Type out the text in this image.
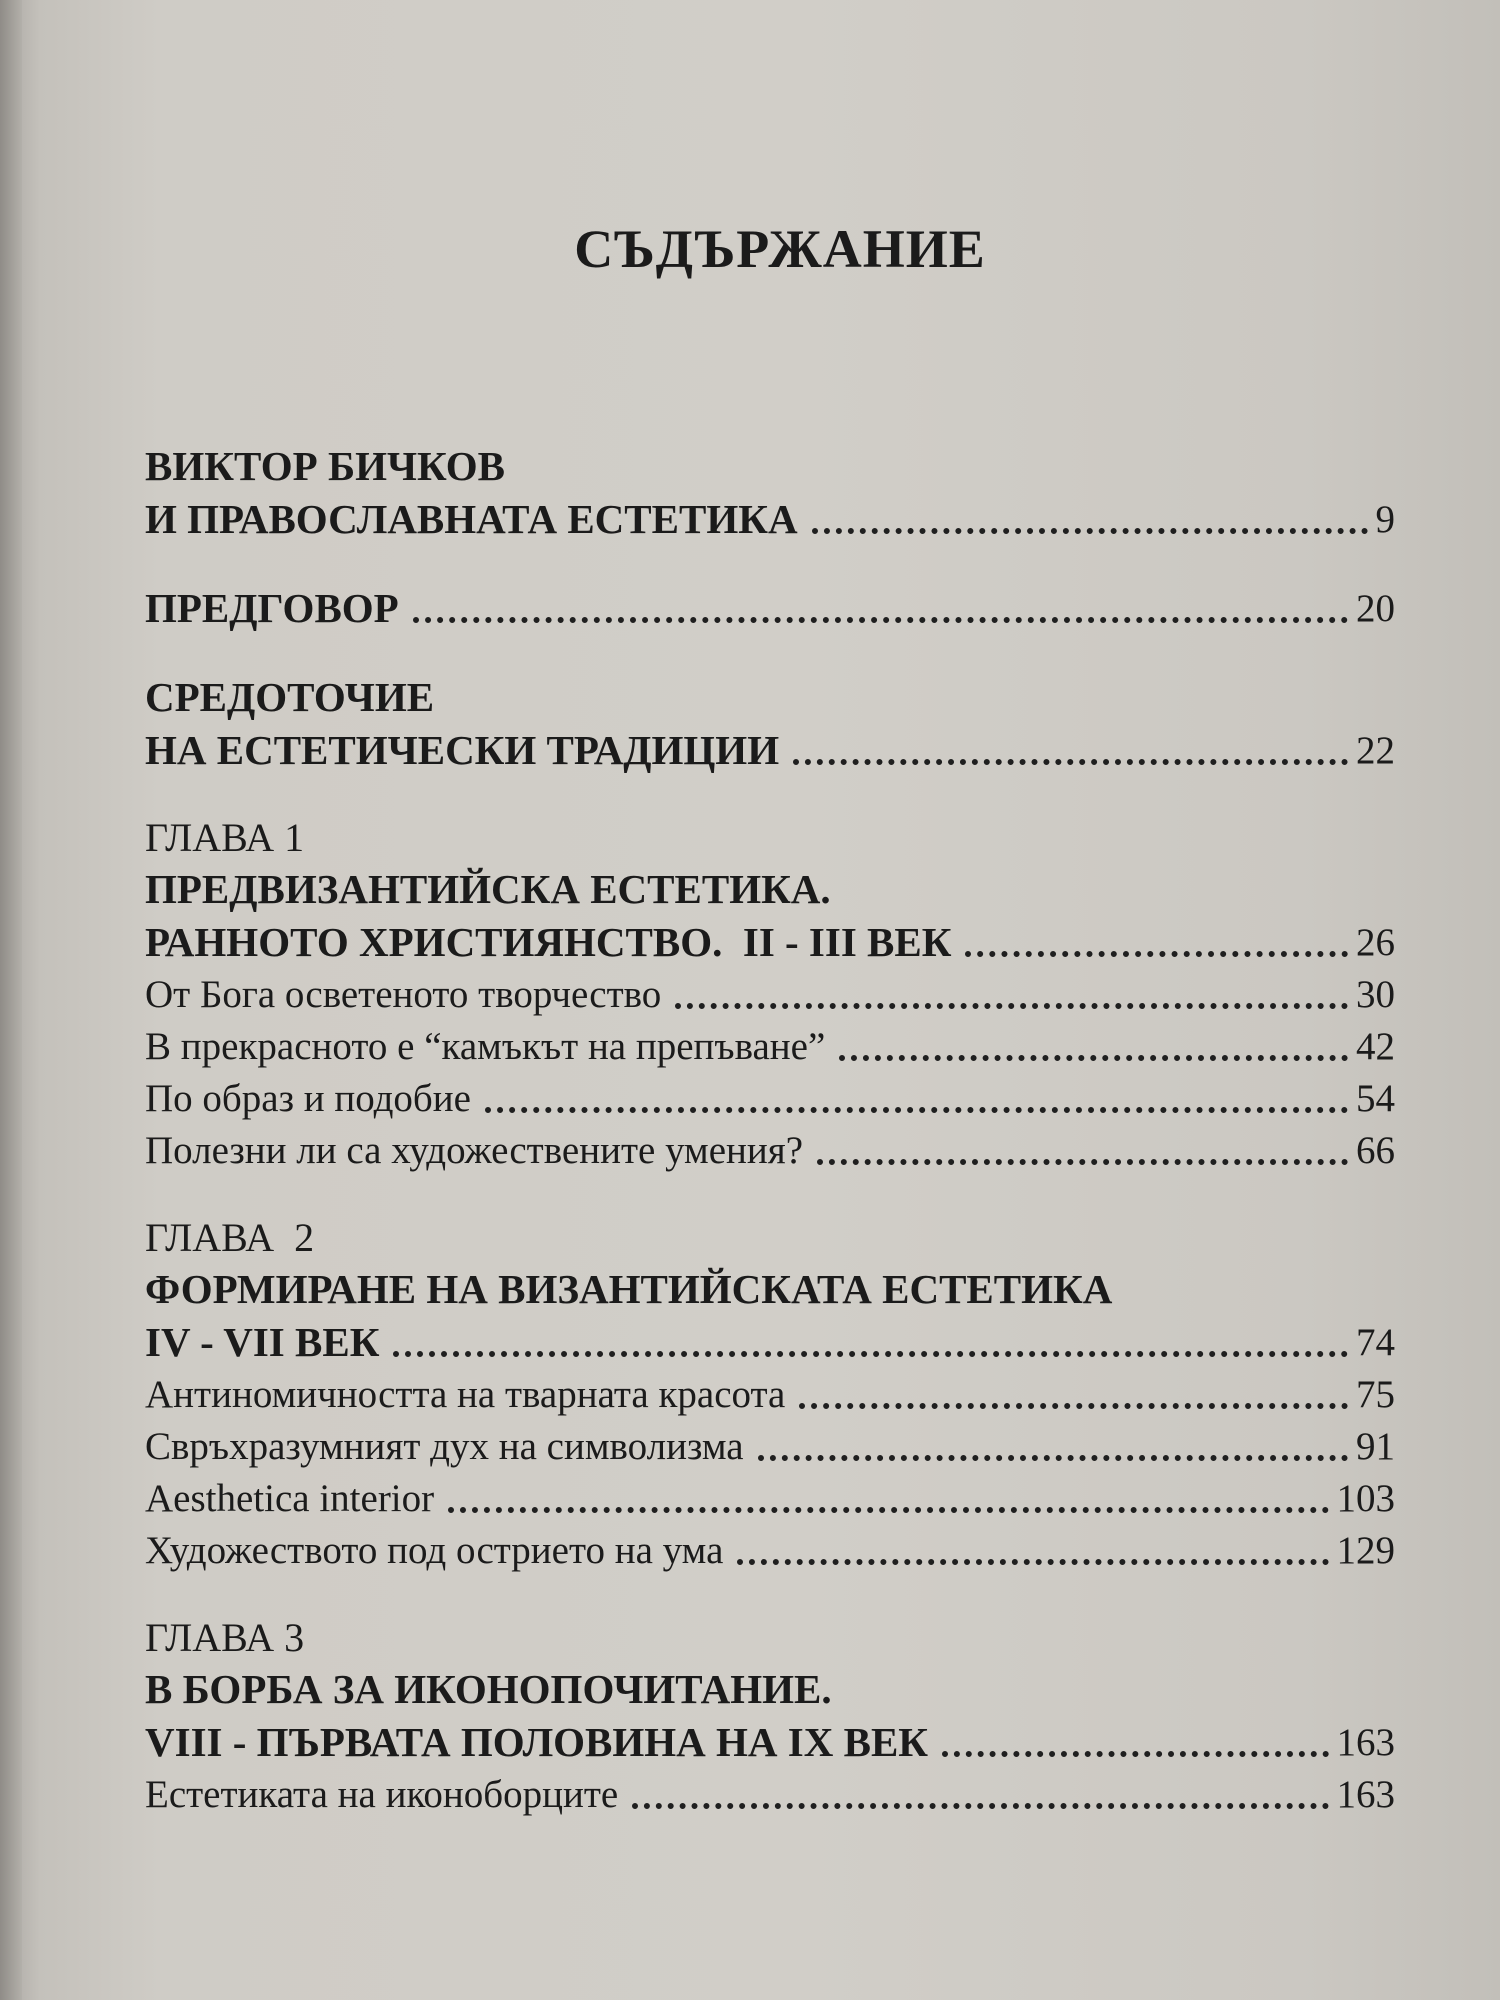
СЪДЪРЖАНИЕ
ВИКТОР БИЧКОВ
И ПРАВОСЛАВНАТА ЕСТЕТИКА	9
ПРЕДГОВОР	20
СРЕДОТОЧИЕ
НА ЕСТЕТИЧЕСКИ ТРАДИЦИИ	22
ГЛАВА 1
ПРЕДВИЗАНТИЙСКА ЕСТЕТИКА.
РАННОТО ХРИСТИЯНСТВО.  II - III ВЕК	26
От Бога осветеното творчество	30
В прекрасното е “камъкът на препъване”	42
По образ и подобие	54
Полезни ли са художествените умения?	66
ГЛАВА  2
ФОРМИРАНЕ НА ВИЗАНТИЙСКАТА ЕСТЕТИКА
IV - VII ВЕК	74
Антиномичността на тварната красота	75
Свръхразумният дух на символизма	91
Aesthetica interior	103
Художеството под острието на ума	129
ГЛАВА 3
В БОРБА ЗА ИКОНОПОЧИТАНИЕ.
VIII - ПЪРВАТА ПОЛОВИНА НА IX ВЕК	163
Естетиката на иконоборците	163
